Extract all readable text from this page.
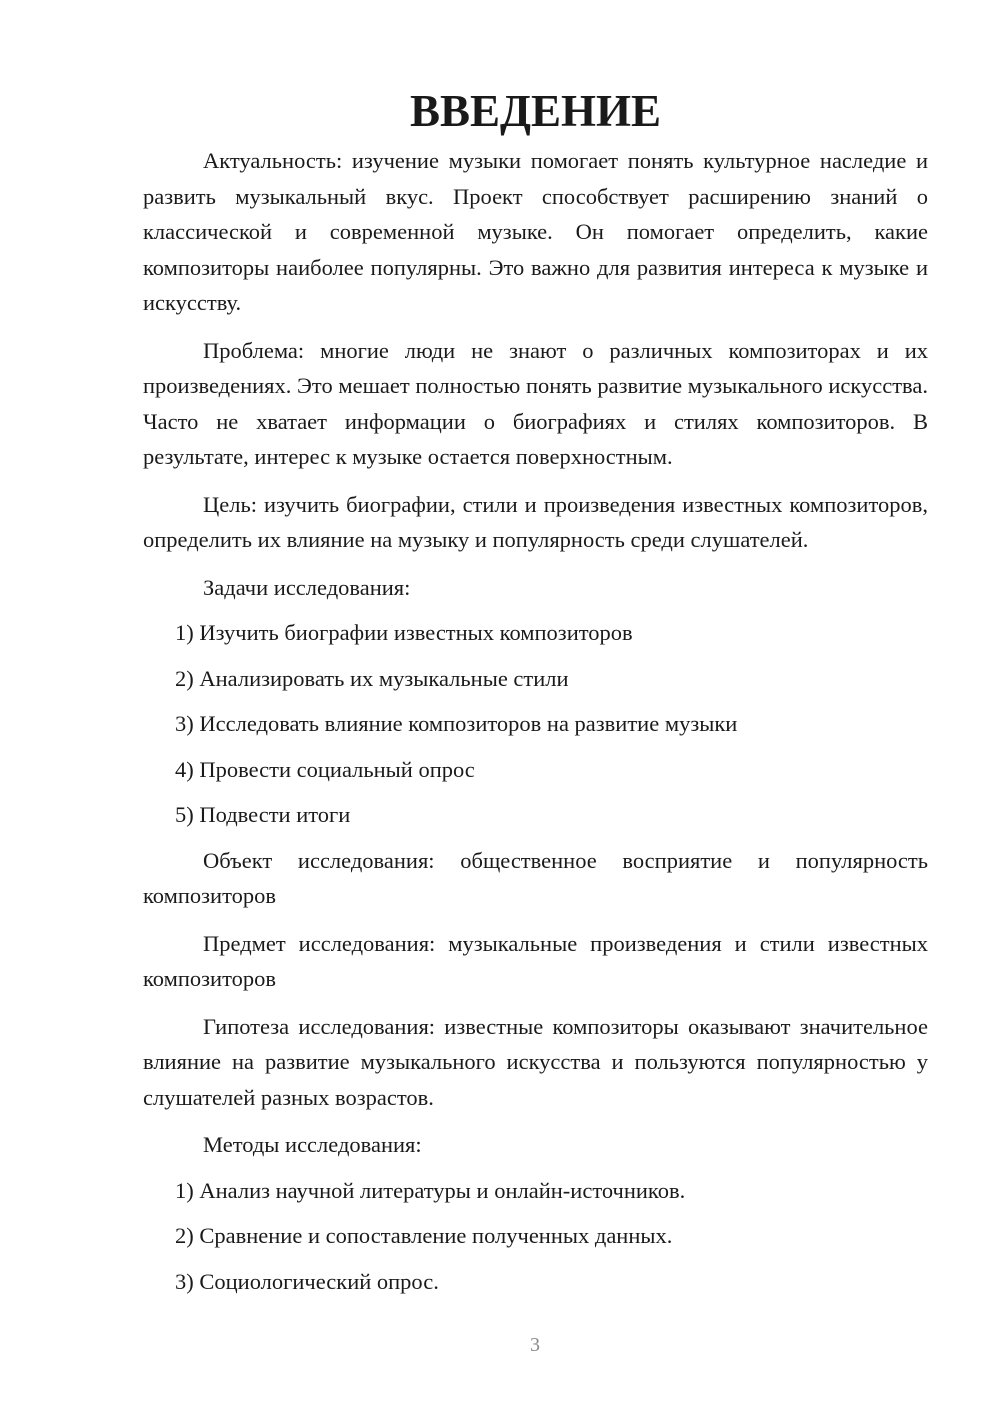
ВВЕДЕНИЕ

Актуальность: изучение музыки помогает понять культурное наследие и развить музыкальный вкус. Проект способствует расширению знаний о классической и современной музыке. Он помогает определить, какие композиторы наиболее популярны. Это важно для развития интереса к музыке и искусству.

Проблема: многие люди не знают о различных композиторах и их произведениях. Это мешает полностью понять развитие музыкального искусства. Часто не хватает информации о биографиях и стилях композиторов. В результате, интерес к музыке остается поверхностным.

Цель: изучить биографии, стили и произведения известных композиторов, определить их влияние на музыку и популярность среди слушателей.

Задачи исследования:

1) Изучить биографии известных композиторов
2) Анализировать их музыкальные стили
3) Исследовать влияние композиторов на развитие музыки
4) Провести социальный опрос
5) Подвести итоги

Объект исследования: общественное восприятие и популярность композиторов

Предмет исследования: музыкальные произведения и стили известных композиторов

Гипотеза исследования: известные композиторы оказывают значительное влияние на развитие музыкального искусства и пользуются популярностью у слушателей разных возрастов.

Методы исследования:

1) Анализ научной литературы и онлайн-источников.
2) Сравнение и сопоставление полученных данных.
3) Социологический опрос.
3
